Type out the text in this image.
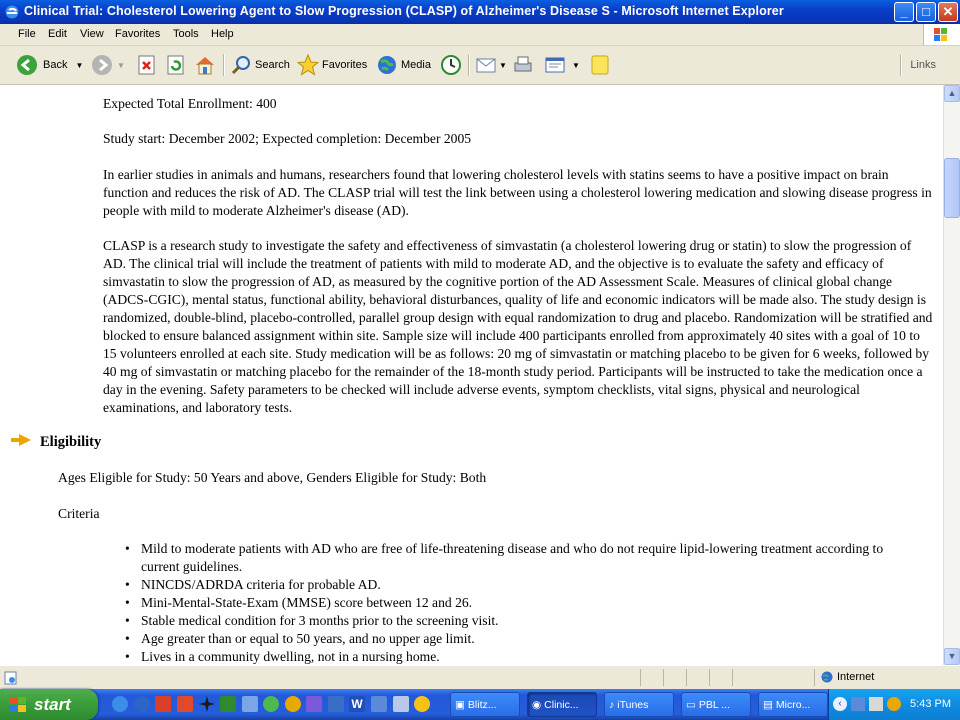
Clinical Trial: Cholesterol Lowering Agent to Slow Progression (CLASP) of Alzheimer's Disease S - Microsoft Internet Explorer	_	□ ✕
File Edit View Favorites Tools Help
Back ▼	▼	Search	Favorites	Media	▼	▼	Links

Expected Total Enrollment: 400

Study start: December 2002; Expected completion: December 2005

In earlier studies in animals and humans, researchers found that lowering cholesterol levels with statins seems to have a positive impact on brain function and reduces the risk of AD. The CLASP trial will test the link between using a cholesterol lowering medication and slowing disease progress in people with mild to moderate Alzheimer's disease (AD).

CLASP is a research study to investigate the safety and effectiveness of simvastatin (a cholesterol lowering drug or statin) to slow the progression of AD. The clinical trial will include the treatment of patients with mild to moderate AD, and the objective is to evaluate the safety and efficacy of simvastatin to slow the progression of AD, as measured by the cognitive portion of the AD Assessment Scale. Measures of clinical global change (ADCS-CGIC), mental status, functional ability, behavioral disturbances, quality of life and economic indicators will be made also. The study design is randomized, double-blind, placebo-controlled, parallel group design with equal randomization to drug and placebo. Randomization will be stratified and blocked to ensure balanced assignment within site. Sample size will include 400 participants enrolled from approximately 40 sites with a goal of 10 to 15 volunteers enrolled at each site. Study medication will be as follows: 20 mg of simvastatin or matching placebo to be given for 6 weeks, followed by 40 mg of simvastatin or matching placebo for the remainder of the 18-month study period. Participants will be instructed to take the medication once a day in the evening. Safety parameters to be checked will include adverse events, symptom checklists, vital signs, physical and neurological examinations, and laboratory tests.

Eligibility

Ages Eligible for Study: 50 Years and above, Genders Eligible for Study: Both

Criteria

• Mild to moderate patients with AD who are free of life-threatening disease and who do not require lipid-lowering treatment according to current guidelines.
• NINCDS/ADRDA criteria for probable AD.
• Mini-Mental-State-Exam (MMSE) score between 12 and 26.
• Stable medical condition for 3 months prior to the screening visit.
• Age greater than or equal to 50 years, and no upper age limit.
• Lives in a community dwelling, not in a nursing home.
▲
▼
Internet
start	W	▣ Blitz...	◉ Clinic...	♪ iTunes	▭ PBL ...	▤ Micro...	‹	5:43 PM
